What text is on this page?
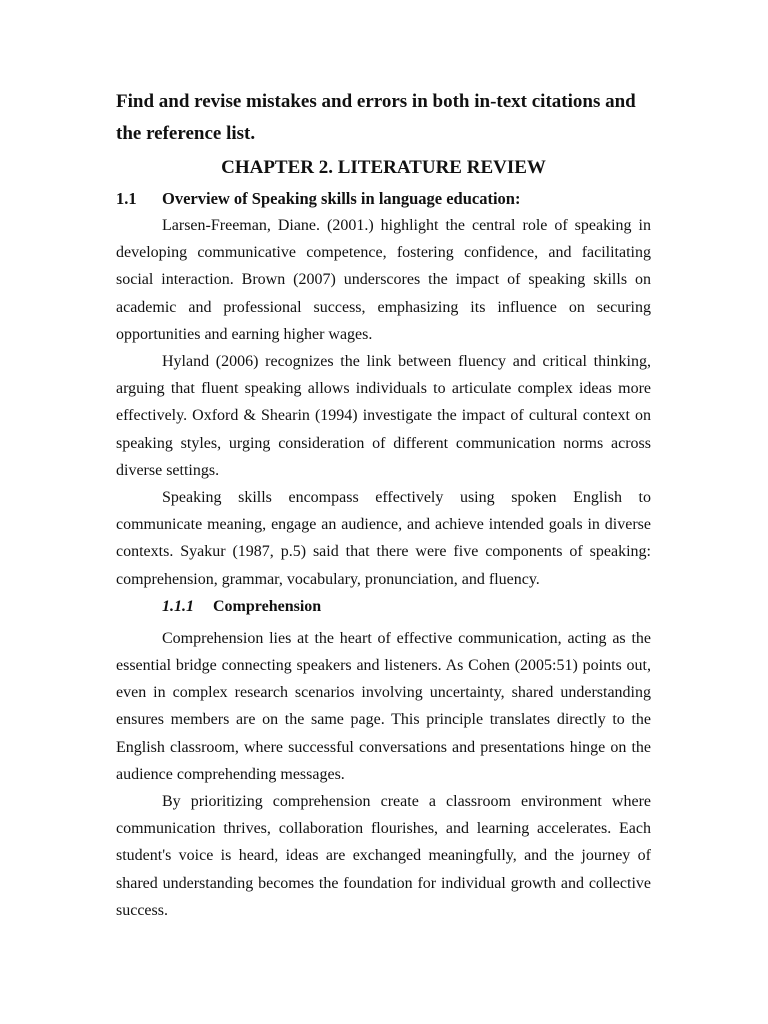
Find and revise mistakes and errors in both in-text citations and the reference list.

CHAPTER 2. LITERATURE REVIEW
1.1	Overview of Speaking skills in language education:

Larsen-Freeman, Diane. (2001.) highlight the central role of speaking in developing communicative competence, fostering confidence, and facilitating social interaction. Brown (2007) underscores the impact of speaking skills on academic and professional success, emphasizing its influence on securing opportunities and earning higher wages.

Hyland (2006) recognizes the link between fluency and critical thinking, arguing that fluent speaking allows individuals to articulate complex ideas more effectively. Oxford & Shearin (1994) investigate the impact of cultural context on speaking styles, urging consideration of different communication norms across diverse settings.

Speaking skills encompass effectively using spoken English to communicate meaning, engage an audience, and achieve intended goals in diverse contexts. Syakur (1987, p.5) said that there were five components of speaking: comprehension, grammar, vocabulary, pronunciation, and fluency.

1.1.1 Comprehension

Comprehension lies at the heart of effective communication, acting as the essential bridge connecting speakers and listeners. As Cohen (2005:51) points out, even in complex research scenarios involving uncertainty, shared understanding ensures members are on the same page. This principle translates directly to the English classroom, where successful conversations and presentations hinge on the audience comprehending messages.

By prioritizing comprehension create a classroom environment where communication thrives, collaboration flourishes, and learning accelerates. Each student's voice is heard, ideas are exchanged meaningfully, and the journey of shared understanding becomes the foundation for individual growth and collective success.
